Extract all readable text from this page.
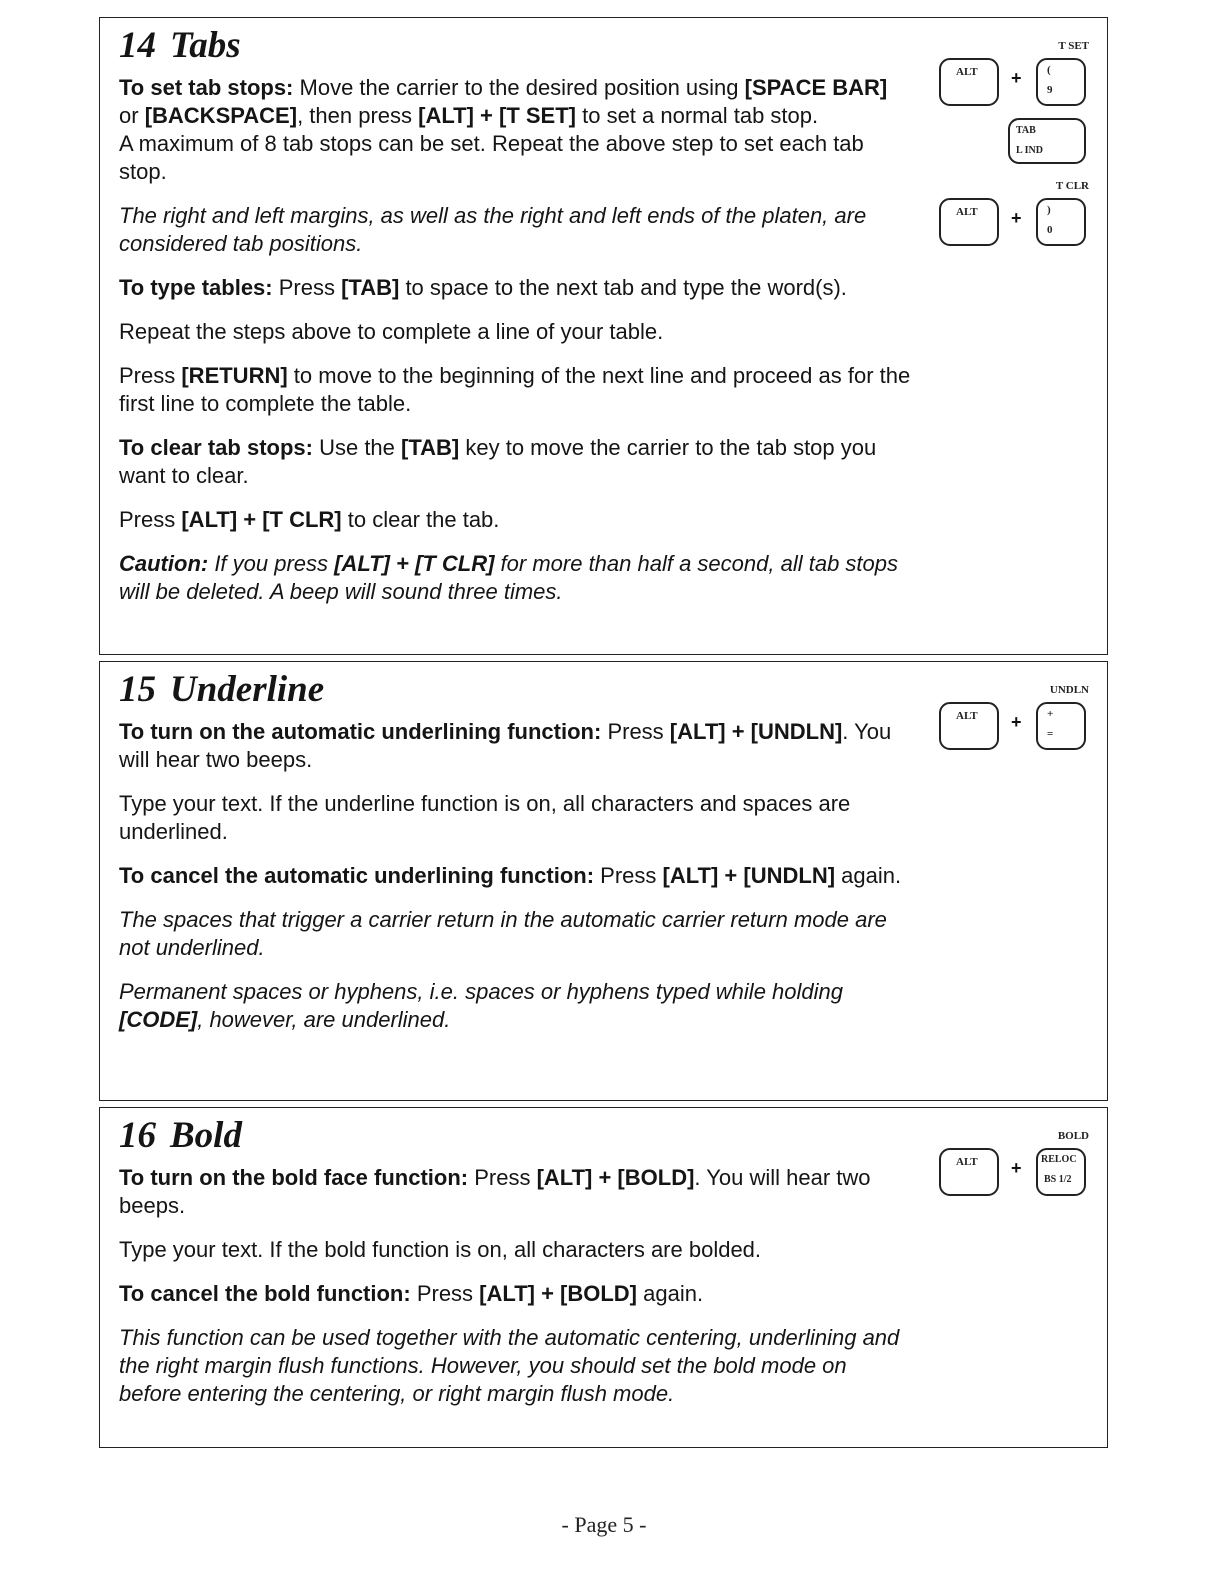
14 Tabs

To set tab stops: Move the carrier to the desired position using [SPACE BAR] or [BACKSPACE], then press [ALT] + [T SET] to set a normal tab stop.

A maximum of 8 tab stops can be set. Repeat the above step to set each tab stop.

The right and left margins, as well as the right and left ends of the platen, are considered tab positions.

To type tables: Press [TAB] to space to the next tab and type the word(s).

Repeat the steps above to complete a line of your table.

Press [RETURN] to move to the beginning of the next line and proceed as for the first line to complete the table.

To clear tab stops: Use the [TAB] key to move the carrier to the tab stop you want to clear.

Press [ALT] + [T CLR] to clear the tab.

Caution: If you press [ALT] + [T CLR] for more than half a second, all tab stops will be deleted. A beep will sound three times.

ALT +
T SET
(
9
TAB
L IND
ALT +
T CLR
)
0
15 Underline

To turn on the automatic underlining function: Press [ALT] + [UNDLN]. You will hear two beeps.

Type your text. If the underline function is on, all characters and spaces are underlined.

To cancel the automatic underlining function: Press [ALT] + [UNDLN] again.

The spaces that trigger a carrier return in the automatic carrier return mode are not underlined.

Permanent spaces or hyphens, i.e. spaces or hyphens typed while holding [CODE], however, are underlined.

ALT +
UNDLN
+
=
16 Bold

To turn on the bold face function: Press [ALT] + [BOLD]. You will hear two beeps.

Type your text. If the bold function is on, all characters are bolded.

To cancel the bold function: Press [ALT] + [BOLD] again.

This function can be used together with the automatic centering, underlining and the right margin flush functions. However, you should set the bold mode on before entering the centering, or right margin flush mode.

ALT +
BOLD
RELOC
BS 1/2
- Page 5 -
